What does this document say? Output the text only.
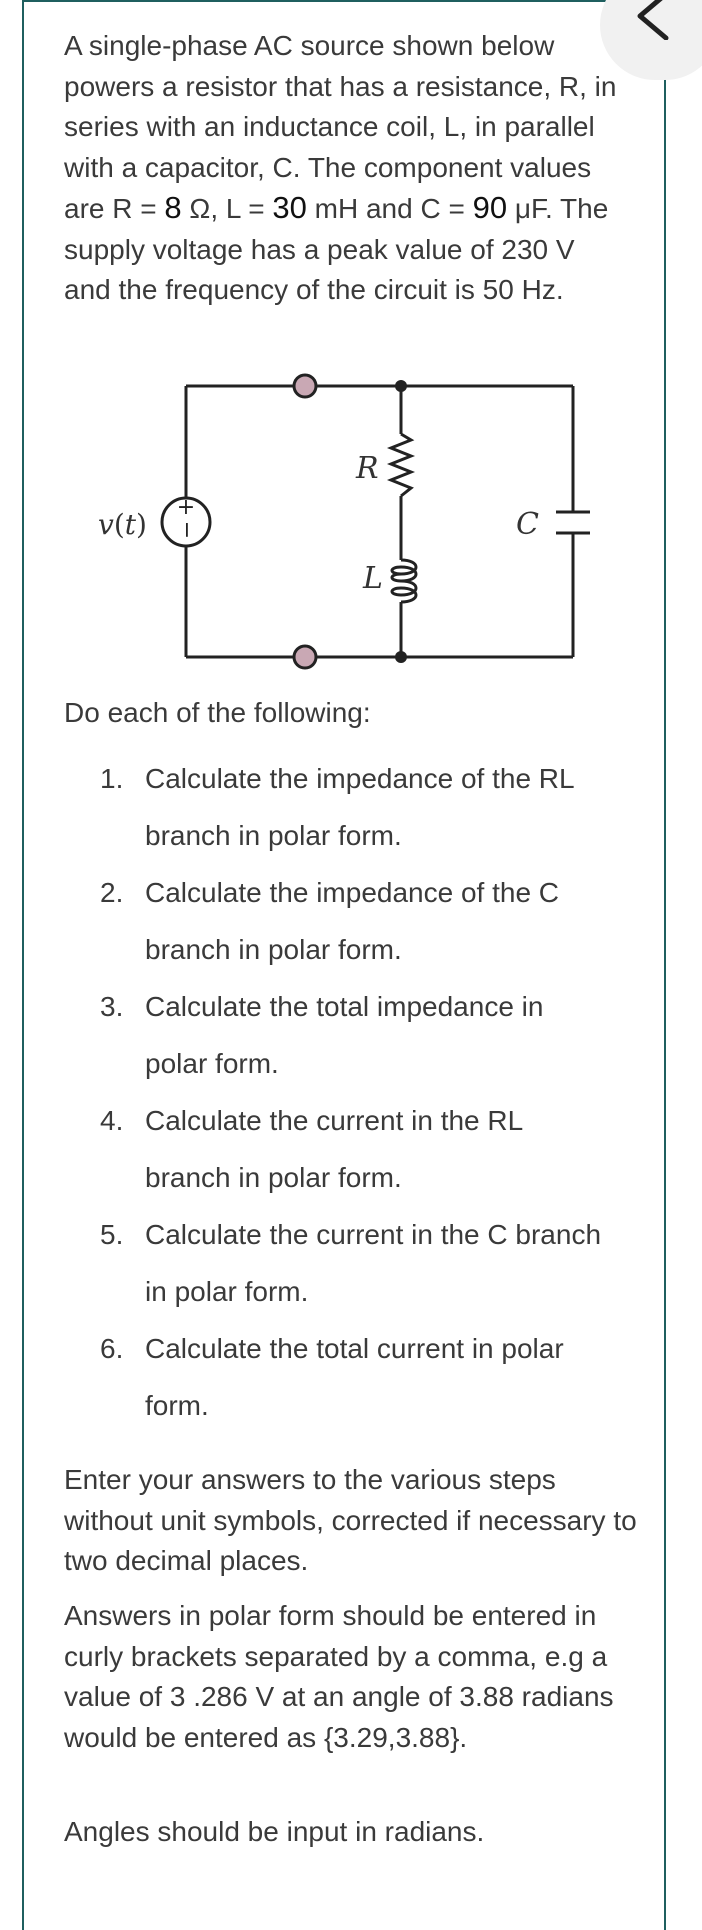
A single-phase AC source shown below powers a resistor that has a resistance, R, in series with an inductance coil, L, in parallel with a capacitor, C. The component values are R = 8 Ω, L = 30 mH and C = 90 μF. The supply voltage has a peak value of 230 V and the frequency of the circuit is 50 Hz.

+
−
v(t)
R
L
C

Do each of the following:

1. Calculate the impedance of the RL
branch in polar form.
2. Calculate the impedance of the C
branch in polar form.
3. Calculate the total impedance in
polar form.
4. Calculate the current in the RL
branch in polar form.
5. Calculate the current in the C branch
in polar form.
6. Calculate the total current in polar
form.

Enter your answers to the various steps without unit symbols, corrected if necessary to two decimal places.

Answers in polar form should be entered in curly brackets separated by a comma, e.g a value of 3 .286 V at an angle of 3.88 radians would be entered as {3.29,3.88}.

Angles should be input in radians.
